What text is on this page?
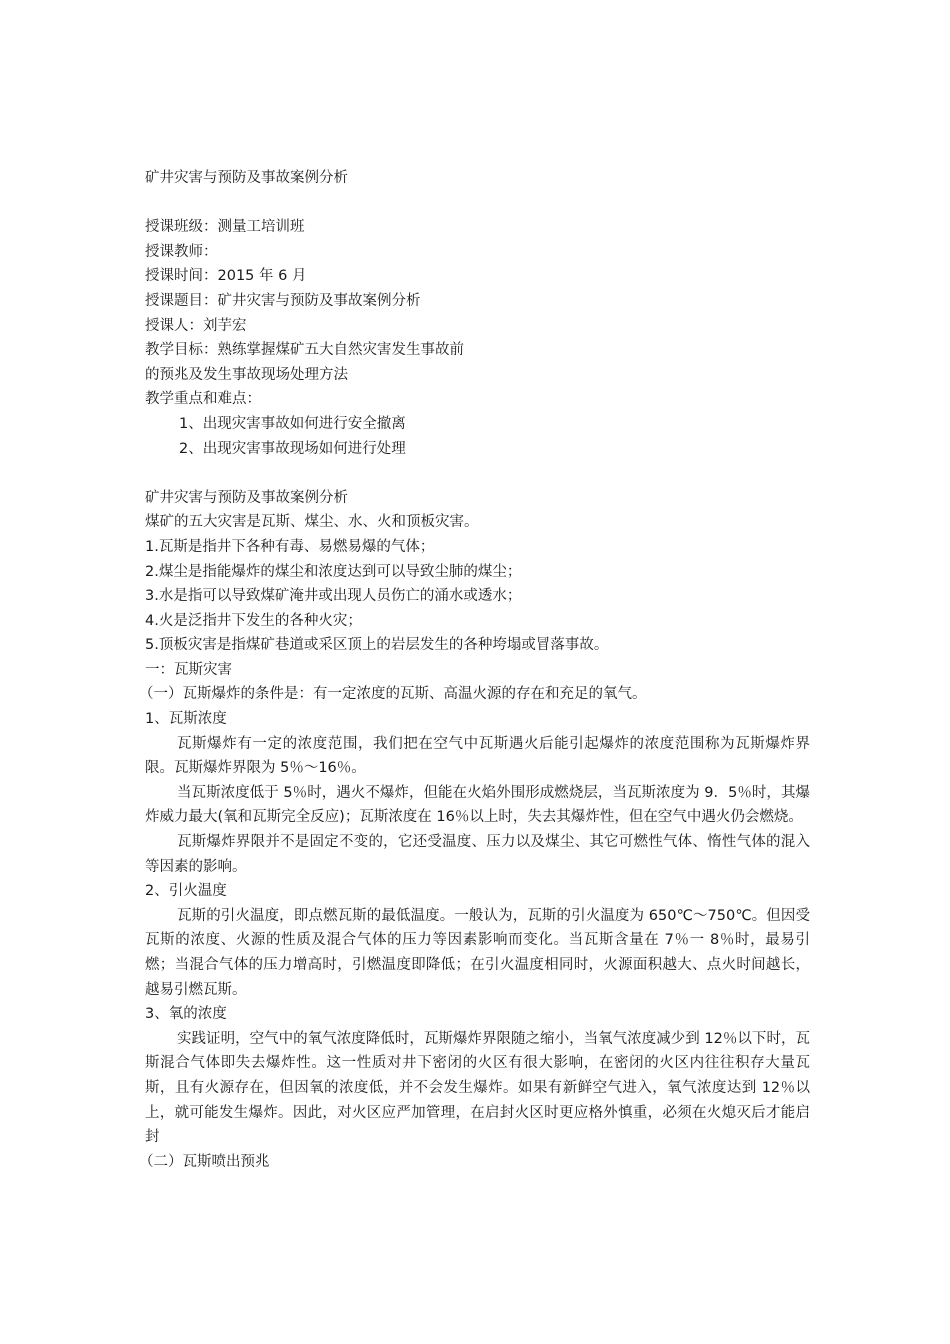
矿井灾害与预防及事故案例分析
授课班级：测量工培训班
授课教师：
授课时间：2015 年 6 月
授课题目：矿井灾害与预防及事故案例分析
授课人：刘芋宏
教学目标：熟练掌握煤矿五大自然灾害发生事故前
的预兆及发生事故现场处理方法
教学重点和难点：
1、出现灾害事故如何进行安全撤离
2、出现灾害事故现场如何进行处理
矿井灾害与预防及事故案例分析
煤矿的五大灾害是瓦斯、煤尘、水、火和顶板灾害。
1.瓦斯是指井下各种有毒、易燃易爆的气体；
2.煤尘是指能爆炸的煤尘和浓度达到可以导致尘肺的煤尘；
3.水是指可以导致煤矿淹井或出现人员伤亡的涌水或透水；
4.火是泛指井下发生的各种火灾；
5.顶板灾害是指煤矿巷道或采区顶上的岩层发生的各种垮塌或冒落事故。
一：瓦斯灾害
（一）瓦斯爆炸的条件是：有一定浓度的瓦斯、高温火源的存在和充足的氧气。
1、瓦斯浓度

瓦斯爆炸有一定的浓度范围，我们把在空气中瓦斯遇火后能引起爆炸的浓度范围称为瓦斯爆炸界限。瓦斯爆炸界限为 5％～16％。

当瓦斯浓度低于 5％时，遇火不爆炸，但能在火焰外围形成燃烧层，当瓦斯浓度为 9．5％时，其爆炸威力最大(氧和瓦斯完全反应)；瓦斯浓度在 16％以上时，失去其爆炸性，但在空气中遇火仍会燃烧。

瓦斯爆炸界限并不是固定不变的，它还受温度、压力以及煤尘、其它可燃性气体、惰性气体的混入等因素的影响。

2、引火温度

瓦斯的引火温度，即点燃瓦斯的最低温度。一般认为，瓦斯的引火温度为 650℃～750℃。但因受瓦斯的浓度、火源的性质及混合气体的压力等因素影响而变化。当瓦斯含量在 7％一 8％时，最易引燃；当混合气体的压力增高时，引燃温度即降低；在引火温度相同时，火源面积越大、点火时间越长，越易引燃瓦斯。

3、氧的浓度

实践证明，空气中的氧气浓度降低时，瓦斯爆炸界限随之缩小，当氧气浓度减少到 12％以下时，瓦斯混合气体即失去爆炸性。这一性质对井下密闭的火区有很大影响，在密闭的火区内往往积存大量瓦斯，且有火源存在，但因氧的浓度低，并不会发生爆炸。如果有新鲜空气进入，氧气浓度达到 12％以上，就可能发生爆炸。因此，对火区应严加管理，在启封火区时更应格外慎重，必须在火熄灭后才能启封

（二）瓦斯喷出预兆
